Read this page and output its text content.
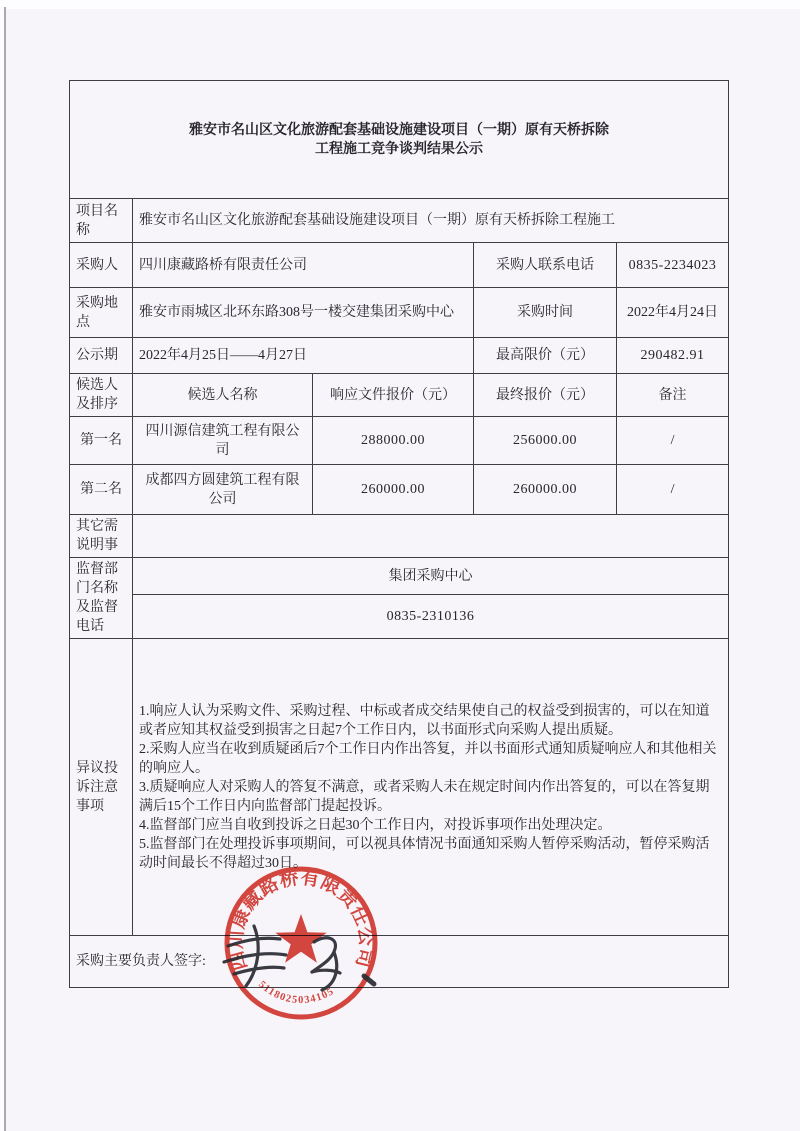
雅安市名山区文化旅游配套基础设施建设项目（一期）原有天桥拆除
工程施工竞争谈判结果公示				

项目名称	雅安市名山区文化旅游配套基础设施建设项目（一期）原有天桥拆除工程施工			
采购人	四川康藏路桥有限责任公司		采购人联系电话	0835-2234023
采购地点	雅安市雨城区北环东路308号一楼交建集团采购中心		采购时间	2022年4月24日
公示期	2022年4月25日——4月27日		最高限价（元）	290482.91
候选人及排序	候选人名称	响应文件报价（元）	最终报价（元）	备注
第一名	四川源信建筑工程有限公司	288000.00	256000.00	/
第二名	成都四方圆建筑工程有限公司	260000.00	260000.00	/
其它需说明事				
监督部门名称及监督电话	集团采购中心			
	0835-2310136			
异议投诉注意事项	1.响应人认为采购文件、采购过程、中标或者成交结果使自己的权益受到损害的，可以在知道或者应知其权益受到损害之日起7个工作日内，以书面形式向采购人提出质疑。
2.采购人应当在收到质疑函后7个工作日内作出答复，并以书面形式通知质疑响应人和其他相关的响应人。
3.质疑响应人对采购人的答复不满意，或者采购人未在规定时间内作出答复的，可以在答复期满后15个工作日内向监督部门提起投诉。
4.监督部门应当自收到投诉之日起30个工作日内，对投诉事项作出处理决定。
5.监督部门在处理投诉事项期间，可以视具体情况书面通知采购人暂停采购活动，暂停采购活动时间最长不得超过30日。			

采购主要负责人签字:				四川康藏路桥有限责任公司
5118025034105
